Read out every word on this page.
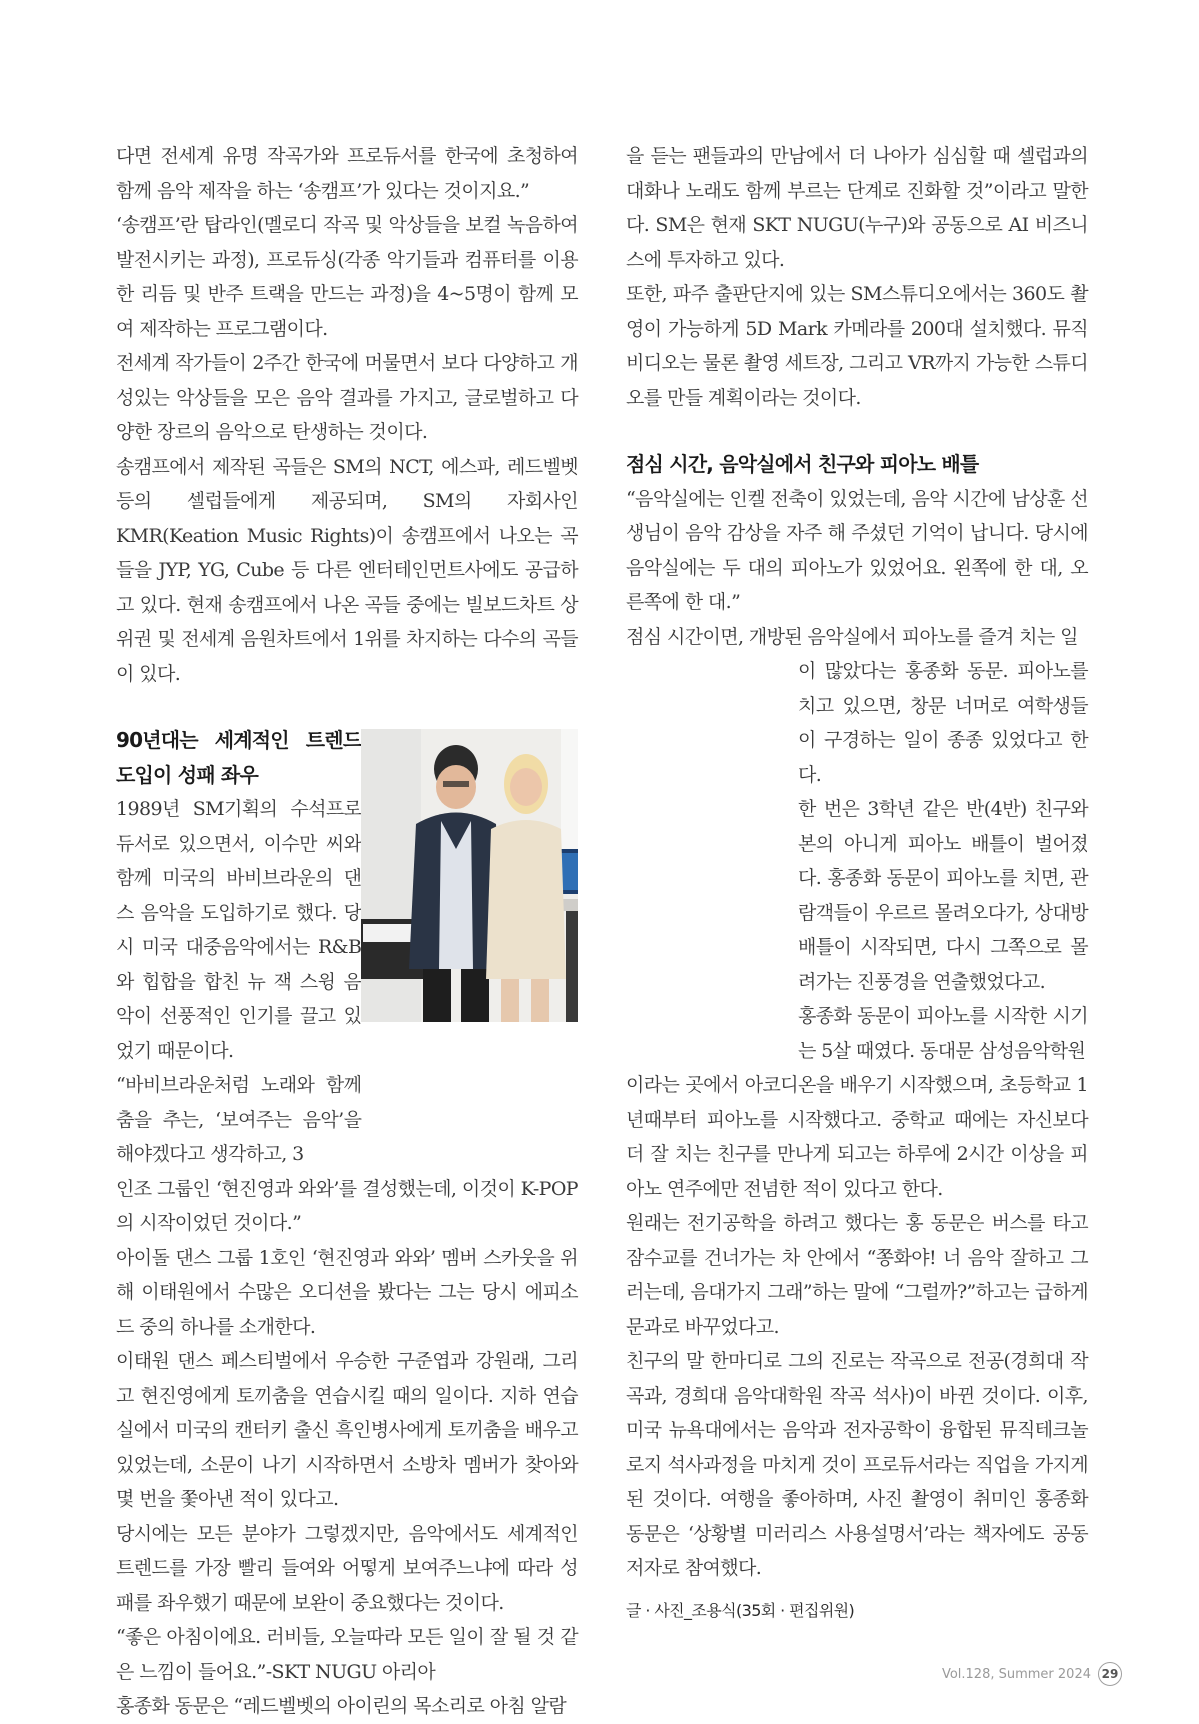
다면 전세계 유명 작곡가와 프로듀서를 한국에 초청하여 함께 음악 제작을 하는 ‘송캠프’가 있다는 것이지요.”

‘송캠프’란 탑라인(멜로디 작곡 및 악상들을 보컬 녹음하여 발전시키는 과정), 프로듀싱(각종 악기들과 컴퓨터를 이용한 리듬 및 반주 트랙을 만드는 과정)을 4~5명이 함께 모여 제작하는 프로그램이다.

전세계 작가들이 2주간 한국에 머물면서 보다 다양하고 개성있는 악상들을 모은 음악 결과를 가지고, 글로벌하고 다양한 장르의 음악으로 탄생하는 것이다.

송캠프에서 제작된 곡들은 SM의 NCT, 에스파, 레드벨벳 등의 셀럽들에게 제공되며, SM의 자회사인 KMR(Keation Music Rights)이 송캠프에서 나오는 곡들을 JYP, YG, Cube 등 다른 엔터테인먼트사에도 공급하고 있다. 현재 송캠프에서 나온 곡들 중에는 빌보드차트 상위권 및 전세계 음원차트에서 1위를 차지하는 다수의 곡들이 있다.

90년대는 세계적인 트렌드 도입이 성패 좌우

1989년 SM기획의 수석프로듀서로 있으면서, 이수만 씨와 함께 미국의 바비브라운의 댄스 음악을 도입하기로 했다. 당시 미국 대중음악에서는 R&B와 힙합을 합친 뉴 잭 스윙 음악이 선풍적인 인기를 끌고 있었기 때문이다.

“바비브라운처럼 노래와 함께 춤을 추는, ‘보여주는 음악’을 해야겠다고 생각하고, 3

인조 그룹인 ‘현진영과 와와’를 결성했는데, 이것이 K-POP의 시작이었던 것이다.”

아이돌 댄스 그룹 1호인 ‘현진영과 와와’ 멤버 스카웃을 위해 이태원에서 수많은 오디션을 봤다는 그는 당시 에피소드 중의 하나를 소개한다.

이태원 댄스 페스티벌에서 우승한 구준엽과 강원래, 그리고 현진영에게 토끼춤을 연습시킬 때의 일이다. 지하 연습실에서 미국의 캔터키 출신 흑인병사에게 토끼춤을 배우고 있었는데, 소문이 나기 시작하면서 소방차 멤버가 찾아와 몇 번을 쫓아낸 적이 있다고.

당시에는 모든 분야가 그렇겠지만, 음악에서도 세계적인 트렌드를 가장 빨리 들여와 어떻게 보여주느냐에 따라 성패를 좌우했기 때문에 보완이 중요했다는 것이다.

“좋은 아침이에요. 러비들, 오늘따라 모든 일이 잘 될 것 같은 느낌이 들어요.”-SKT NUGU 아리아

홍종화 동문은 “레드벨벳의 아이린의 목소리로 아침 알람

을 듣는 팬들과의 만남에서 더 나아가 심심할 때 셀럽과의 대화나 노래도 함께 부르는 단계로 진화할 것”이라고 말한다. SM은 현재 SKT NUGU(누구)와 공동으로 AI 비즈니스에 투자하고 있다.

또한, 파주 출판단지에 있는 SM스튜디오에서는 360도 촬영이 가능하게 5D Mark 카메라를 200대 설치했다. 뮤직비디오는 물론 촬영 세트장, 그리고 VR까지 가능한 스튜디오를 만들 계획이라는 것이다.

점심 시간, 음악실에서 친구와 피아노 배틀

“음악실에는 인켈 전축이 있었는데, 음악 시간에 남상훈 선생님이 음악 감상을 자주 해 주셨던 기억이 납니다. 당시에 음악실에는 두 대의 피아노가 있었어요. 왼쪽에 한 대, 오른쪽에 한 대.”

점심 시간이면, 개방된 음악실에서 피아노를 즐겨 치는 일

이 많았다는 홍종화 동문. 피아노를 치고 있으면, 창문 너머로 여학생들이 구경하는 일이 종종 있었다고 한다.

한 번은 3학년 같은 반(4반) 친구와 본의 아니게 피아노 배틀이 벌어졌다. 홍종화 동문이 피아노를 치면, 관람객들이 우르르 몰려오다가, 상대방 배틀이 시작되면, 다시 그쪽으로 몰려가는 진풍경을 연출했었다고.

홍종화 동문이 피아노를 시작한 시기는 5살 때였다. 동대문 삼성음악학원

이라는 곳에서 아코디온을 배우기 시작했으며, 초등학교 1년때부터 피아노를 시작했다고. 중학교 때에는 자신보다 더 잘 치는 친구를 만나게 되고는 하루에 2시간 이상을 피아노 연주에만 전념한 적이 있다고 한다.

원래는 전기공학을 하려고 했다는 홍 동문은 버스를 타고 잠수교를 건너가는 차 안에서 “쫑화야! 너 음악 잘하고 그러는데, 음대가지 그래”하는 말에 “그럴까?”하고는 급하게 문과로 바꾸었다고.

친구의 말 한마디로 그의 진로는 작곡으로 전공(경희대 작곡과, 경희대 음악대학원 작곡 석사)이 바뀐 것이다. 이후, 미국 뉴욕대에서는 음악과 전자공학이 융합된 뮤직테크놀로지 석사과정을 마치게 것이 프로듀서라는 직업을 가지게 된 것이다. 여행을 좋아하며, 사진 촬영이 취미인 홍종화 동문은 ‘상황별 미러리스 사용설명서’라는 책자에도 공동저자로 참여했다.

글 · 사진_조용식(35회 · 편집위원)

Vol.128, Summer 2024 29
